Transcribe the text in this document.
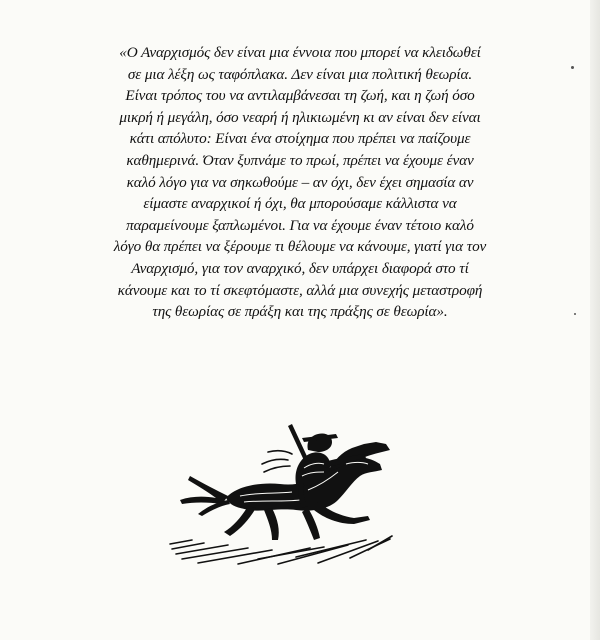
«Ο Αναρχισμός δεν είναι μια έννοια που μπορεί να κλειδωθεί
σε μια λέξη ως ταφόπλακα. Δεν είναι μια πολιτική θεωρία.
Είναι τρόπος του να αντιλαμβάνεσαι τη ζωή, και η ζωή όσο
μικρή ή μεγάλη, όσο νεαρή ή ηλικιωμένη κι αν είναι δεν είναι
κάτι απόλυτο: Είναι ένα στοίχημα που πρέπει να παίζουμε
καθημερινά. Όταν ξυπνάμε το πρωί, πρέπει να έχουμε έναν
καλό λόγο για να σηκωθούμε – αν όχι, δεν έχει σημασία αν
είμαστε αναρχικοί ή όχι, θα μπορούσαμε κάλλιστα να
παραμείνουμε ξαπλωμένοι. Για να έχουμε έναν τέτοιο καλό
λόγο θα πρέπει να ξέρουμε τι θέλουμε να κάνουμε, γιατί για τον
Αναρχισμό, για τον αναρχικό, δεν υπάρχει διαφορά στο τί
κάνουμε και το τί σκεφτόμαστε, αλλά μια συνεχής μεταστροφή
της θεωρίας σε πράξη και της πράξης σε θεωρία».
